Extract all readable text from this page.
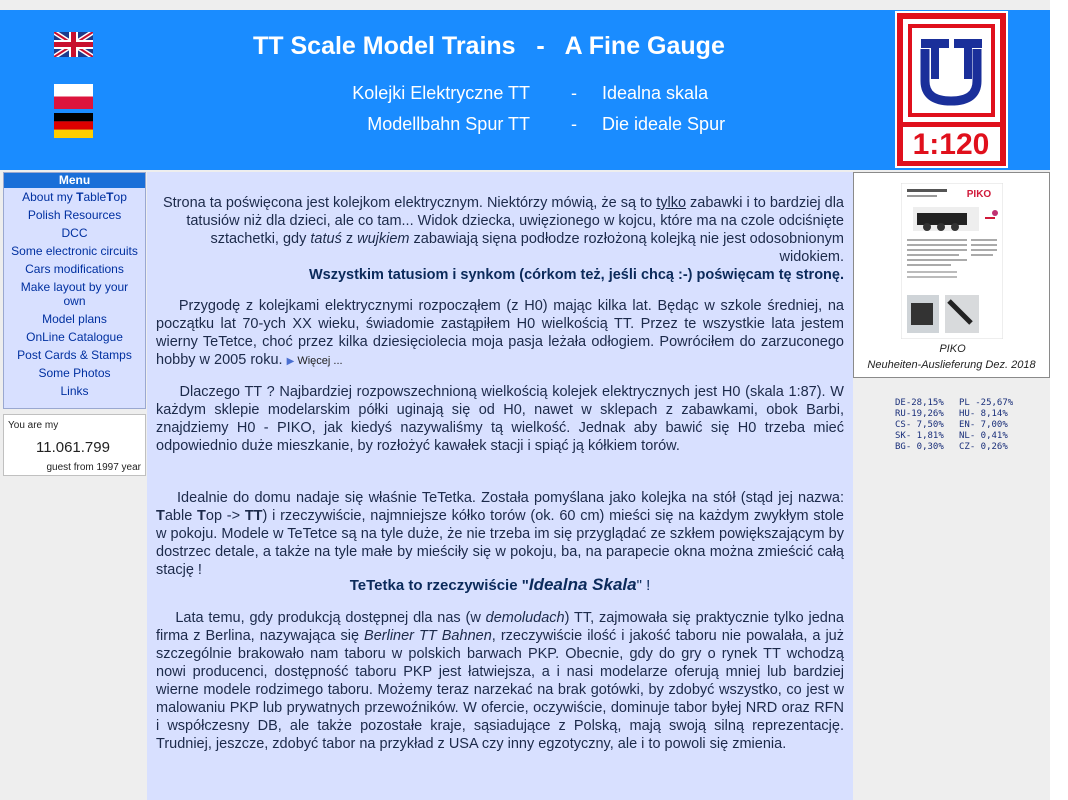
TT Scale Model Trains   -   A Fine Gauge
Kolejki Elektryczne TT - Idealna skala
Modellbahn Spur TT - Die ideale Spur
1:120
Menu
About my TableTop
Polish Resources
DCC
Some electronic circuits
Cars modifications
Make layout by your own
Model plans
OnLine Catalogue
Post Cards & Stamps
Some Photos
Links
You are my
11.061.799
guest from 1997 year
Strona ta poświęcona jest kolejkom elektrycznym. Niektórzy mówią, że są to tylko zabawki i to bardziej dla tatusiów niż dla dzieci, ale co tam... Widok dziecka, uwięzionego w kojcu, które ma na czole odciśnięte sztachetki, gdy tatuś z wujkiem zabawiają sięna podłodze rozłożoną kolejką nie jest odosobnionym widokiem.
Wszystkim tatusiom i synkom (córkom też, jeśli chcą :-) poświęcam tę stronę.
Przygodę z kolejkami elektrycznymi rozpocząłem (z H0) mając kilka lat. Będąc w szkole średniej, na początku lat 70-ych XX wieku, świadomie zastąpiłem H0 wielkością TT. Przez te wszystkie lata jestem wierny TeTetce, choć przez kilka dziesięciolecia moja pasja leżała odłogiem. Powróciłem do zarzuconego hobby w 2005 roku. ▶ Więcej ...
Dlaczego TT ? Najbardziej rozpowszechnioną wielkością kolejek elektrycznych jest H0 (skala 1:87). W każdym sklepie modelarskim półki uginają się od H0, nawet w sklepach z zabawkami, obok Barbi, znajdziemy H0 - PIKO, jak kiedyś nazywaliśmy tą wielkość. Jednak aby bawić się H0 trzeba mieć odpowiednio duże mieszkanie, by rozłożyć kawałek stacji i spiąć ją kółkiem torów.
Idealnie do domu nadaje się właśnie TeTetka. Została pomyślana jako kolejka na stół (stąd jej nazwa: Table Top -> TT) i rzeczywiście, najmniejsze kółko torów (ok. 60 cm) mieści się na każdym zwykłym stole w pokoju. Modele w TeTetce są na tyle duże, że nie trzeba im się przyglądać ze szkłem powiększającym by dostrzec detale, a także na tyle małe by mieściły się w pokoju, ba, na parapecie okna można zmieścić całą stację !
TeTetka to rzeczywiście "Idealna Skala" !
Lata temu, gdy produkcją dostępnej dla nas (w demoludach) TT, zajmowała się praktycznie tylko jedna firma z Berlina, nazywająca się Berliner TT Bahnen, rzeczywiście ilość i jakość taboru nie powalała, a już szczególnie brakowało nam taboru w polskich barwach PKP. Obecnie, gdy do gry o rynek TT wchodzą nowi producenci, dostępność taboru PKP jest łatwiejsza, a i nasi modelarze oferują mniej lub bardziej wierne modele rodzimego taboru. Możemy teraz narzekać na brak gotówki, by zdobyć wszystko, co jest w malowaniu PKP lub prywatnych przewoźników. W ofercie, oczywiście, dominuje tabor byłej NRD oraz RFN i współczesny DB, ale także pozostałe kraje, sąsiadujące z Polską, mają swoją silną reprezentację. Trudniej, jeszcze, zdobyć tabor na przykład z USA czy inny egzotyczny, ale i to powoli się zmienia.
PIKO
PIKO
Neuheiten-Auslieferung Dez. 2018
DE-28,15% PL -25,67%
RU-19,26% HU- 8,14%
CS- 7,50% EN- 7,00%
SK- 1,81% NL- 0,41%
BG- 0,30% CZ- 0,26%
